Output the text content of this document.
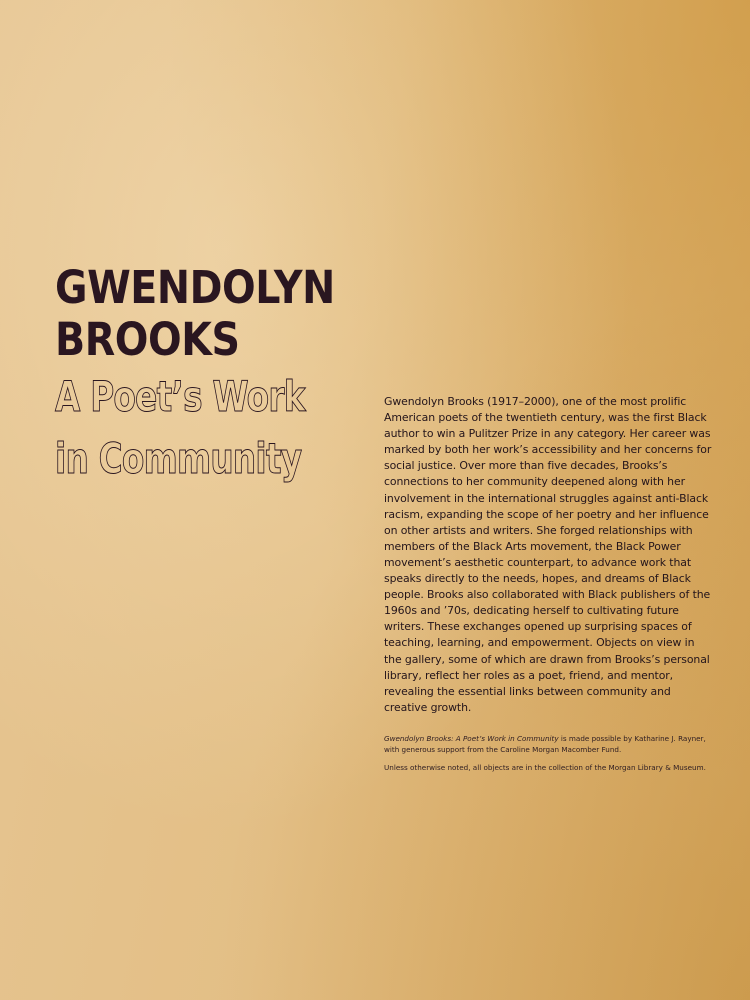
GWENDOLYN
BROOKS
A Poet’s Work
in Community

Gwendolyn Brooks (1917–2000), one of the most prolific American poets of the twentieth century, was the first Black author to win a Pulitzer Prize in any category. Her career was marked by both her work’s accessibility and her concerns for social justice. Over more than five decades, Brooks’s connections to her community deepened along with her involvement in the international struggles against anti-Black racism, expanding the scope of her poetry and her influence on other artists and writers. She forged relationships with members of the Black Arts movement, the Black Power movement’s aesthetic counterpart, to advance work that speaks directly to the needs, hopes, and dreams of Black people. Brooks also collaborated with Black publishers of the 1960s and ’70s, dedicating herself to cultivating future writers. These exchanges opened up surprising spaces of teaching, learning, and empowerment. Objects on view in the gallery, some of which are drawn from Brooks’s personal library, reflect her roles as a poet, friend, and mentor, revealing the essential links between community and creative growth.

Gwendolyn Brooks: A Poet’s Work in Community is made possible by Katharine J. Rayner, with generous support from the Caroline Morgan Macomber Fund.

Unless otherwise noted, all objects are in the collection of the Morgan Library & Museum.
